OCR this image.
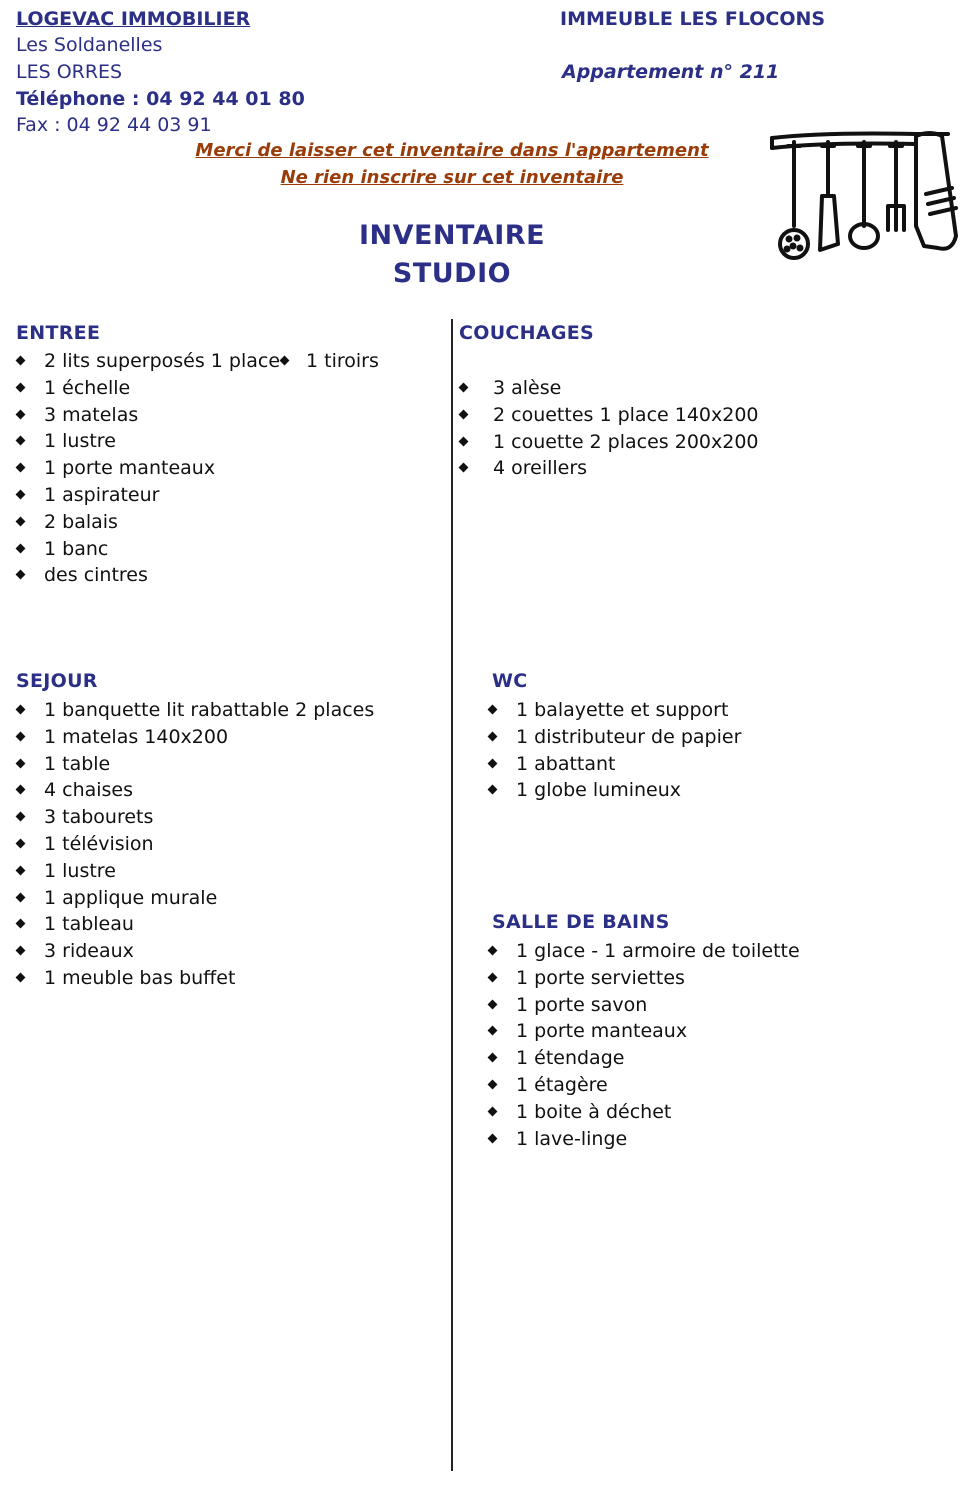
LOGEVAC IMMOBILIER
Les Soldanelles
LES ORRES
Téléphone : 04 92 44 01 80
Fax : 04 92 44 03 91
IMMEUBLE LES FLOCONS
Appartement n° 211
Merci de laisser cet inventaire dans l'appartement
Ne rien inscrire sur cet inventaire
INVENTAIRE
STUDIO
ENTREE
2 lits superposés 1 place
1 échelle
3 matelas
1 lustre
1 porte manteaux
1 aspirateur
2 balais
1 banc
des cintres
1 tiroirs
COUCHAGES
3 alèse
2 couettes 1 place 140x200
1 couette 2 places 200x200
4 oreillers
SEJOUR
1 banquette lit rabattable 2 places
1 matelas 140x200
1 table
4 chaises
3 tabourets
1 télévision
1 lustre
1 applique murale
1 tableau
3 rideaux
1 meuble bas buffet
WC
1 balayette et support
1 distributeur de papier
1 abattant
1 globe lumineux
SALLE DE BAINS
1 glace - 1 armoire de toilette
1 porte serviettes
1 porte savon
1 porte manteaux
1 étendage
1 étagère
1 boite à déchet
1 lave-linge
